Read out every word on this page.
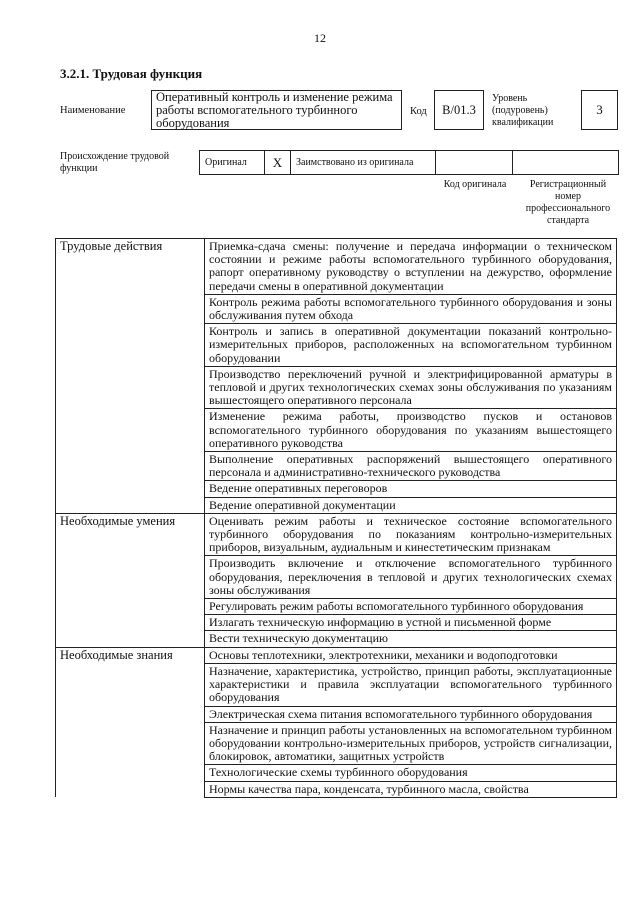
12
3.2.1. Трудовая функция
Наименование
Оперативный контроль и изменение режима работы вспомогательного турбинного оборудования
Код	В/01.3
Уровень (подуровень) квалификации
3
Происхождение трудовой функции
Оригинал	X	Заимствовано из оригинала
Код оригинала	Регистрационный номер профессионального стандарта
Трудовые действия	Приемка-сдача смены: получение и передача информации о техническом состоянии и режиме работы вспомогательного турбинного оборудования, рапорт оперативному руководству о вступлении на дежурство, оформление передачи смены в оперативной документации
	Контроль режима работы вспомогательного турбинного оборудования и зоны обслуживания путем обхода
	Контроль и запись в оперативной документации показаний контрольно-измерительных приборов, расположенных на вспомогательном турбинном оборудовании
	Производство переключений ручной и электрифицированной арматуры в тепловой и других технологических схемах зоны обслуживания по указаниям вышестоящего оперативного персонала
	Изменение режима работы, производство пусков и остановов вспомогательного турбинного оборудования по указаниям вышестоящего оперативного руководства
	Выполнение оперативных распоряжений вышестоящего оперативного персонала и административно-технического руководства
	Ведение оперативных переговоров
	Ведение оперативной документации
Необходимые умения	Оценивать режим работы и техническое состояние вспомогательного турбинного оборудования по показаниям контрольно-измерительных приборов, визуальным, аудиальным и кинестетическим признакам
	Производить включение и отключение вспомогательного турбинного оборудования, переключения в тепловой и других технологических схемах зоны обслуживания
	Регулировать режим работы вспомогательного турбинного оборудования
	Излагать техническую информацию в устной и письменной форме
	Вести техническую документацию
Необходимые знания	Основы теплотехники, электротехники, механики и водоподготовки
	Назначение, характеристика, устройство, принцип работы, эксплуатационные характеристики и правила эксплуатации вспомогательного турбинного оборудования
	Электрическая схема питания вспомогательного турбинного оборудования
	Назначение и принцип работы установленных на вспомогательном турбинном оборудовании контрольно-измерительных приборов, устройств сигнализации, блокировок, автоматики, защитных устройств
	Технологические схемы турбинного оборудования
	Нормы качества пара, конденсата, турбинного масла, свойства
